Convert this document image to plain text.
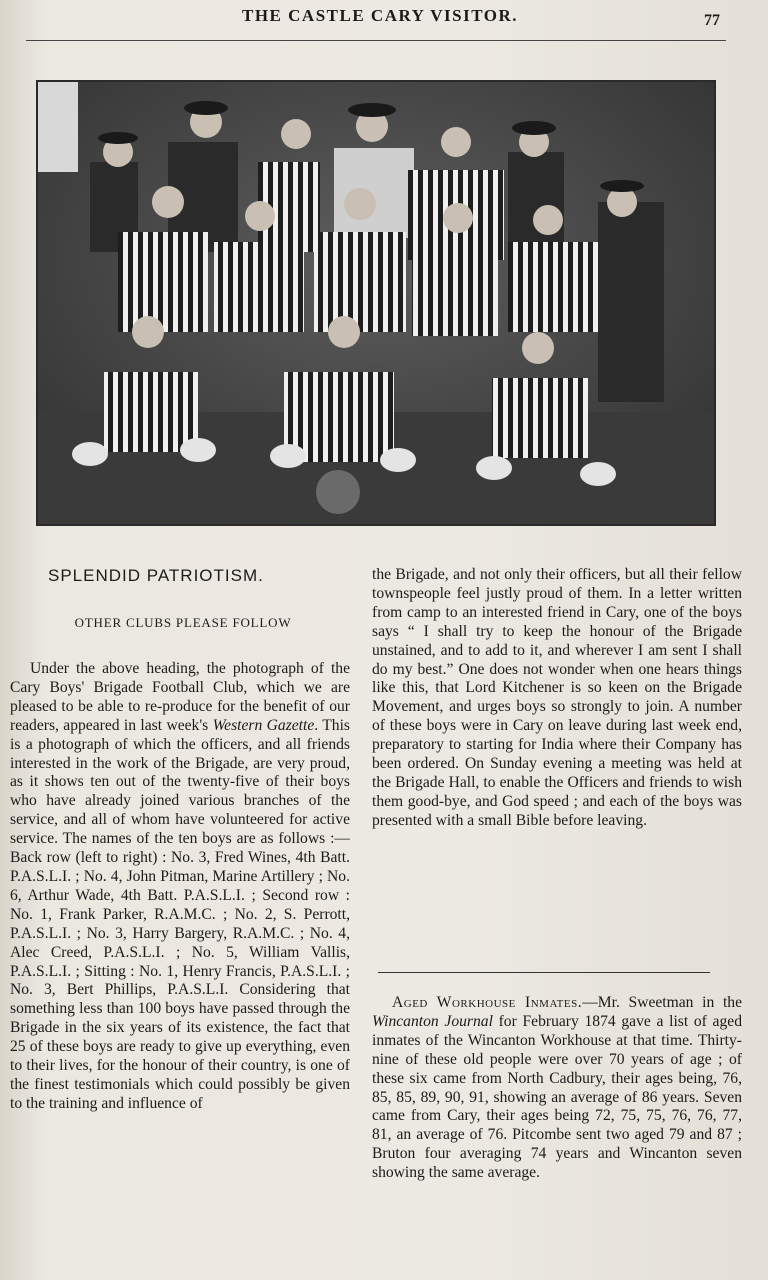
THE CASTLE CARY VISITOR.	77
SPLENDID PATRIOTISM.
OTHER CLUBS PLEASE FOLLOW

Under the above heading, the photograph of the Cary Boys' Brigade Football Club, which we are pleased to be able to re-produce for the benefit of our readers, appeared in last week's Western Gazette. This is a photograph of which the officers, and all friends interested in the work of the Brigade, are very proud, as it shows ten out of the twenty-five of their boys who have already joined various branches of the service, and all of whom have volunteered for active service. The names of the ten boys are as follows :—Back row (left to right) : No. 3, Fred Wines, 4th Batt. P.A.S.L.I. ; No. 4, John Pitman, Marine Artillery ; No. 6, Arthur Wade, 4th Batt. P.A.S.L.I. ; Second row : No. 1, Frank Parker, R.A.M.C. ; No. 2, S. Perrott, P.A.S.L.I. ; No. 3, Harry Bargery, R.A.M.C. ; No. 4, Alec Creed, P.A.S.L.I. ; No. 5, William Vallis, P.A.S.L.I. ; Sitting : No. 1, Henry Francis, P.A.S.L.I. ; No. 3, Bert Phillips, P.A.S.L.I. Considering that something less than 100 boys have passed through the Brigade in the six years of its existence, the fact that 25 of these boys are ready to give up everything, even to their lives, for the honour of their country, is one of the finest testimonials which could possibly be given to the training and influence of

the Brigade, and not only their officers, but all their fellow townspeople feel justly proud of them. In a letter written from camp to an interested friend in Cary, one of the boys says “ I shall try to keep the honour of the Brigade unstained, and to add to it, and wherever I am sent I shall do my best.” One does not wonder when one hears things like this, that Lord Kitchener is so keen on the Brigade Movement, and urges boys so strongly to join. A number of these boys were in Cary on leave during last week end, preparatory to starting for India where their Company has been ordered. On Sunday evening a meeting was held at the Brigade Hall, to enable the Officers and friends to wish them good-bye, and God speed ; and each of the boys was presented with a small Bible before leaving.

Aged Workhouse Inmates.—Mr. Sweetman in the Wincanton Journal for February 1874 gave a list of aged inmates of the Wincanton Workhouse at that time. Thirty-nine of these old people were over 70 years of age ; of these six came from North Cadbury, their ages being, 76, 85, 85, 89, 90, 91, showing an average of 86 years. Seven came from Cary, their ages being 72, 75, 75, 76, 76, 77, 81, an average of 76. Pitcombe sent two aged 79 and 87 ; Bruton four averaging 74 years and Wincanton seven showing the same average.
